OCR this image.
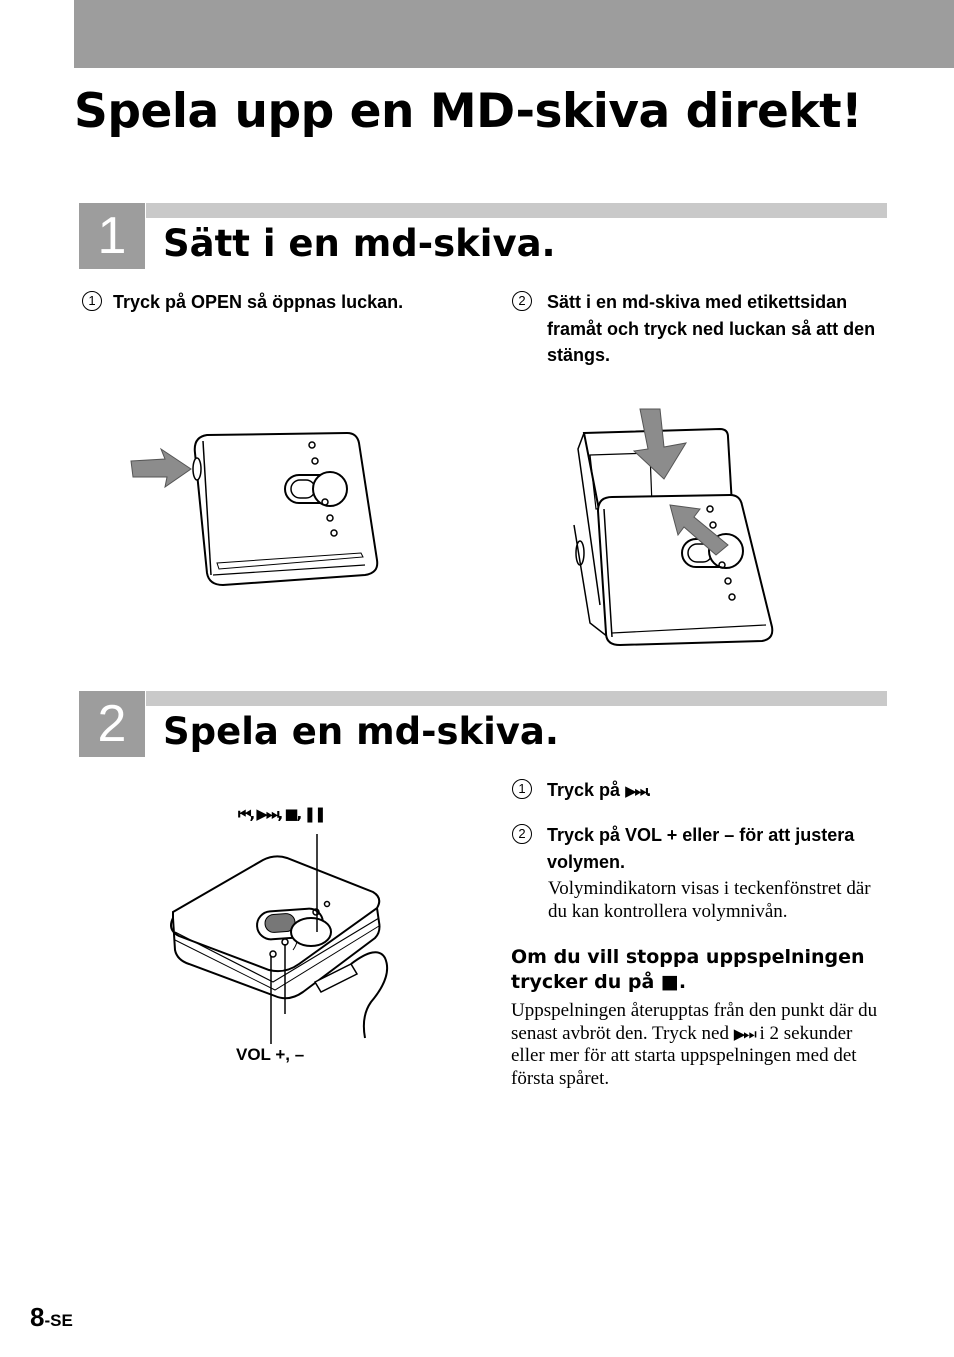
Spela upp en MD-skiva direkt!
1 Sätt i en md-skiva.
1 Tryck på OPEN så öppnas luckan.	2	Sätt i en md-skiva med etikettsidan framåt och tryck ned luckan så att den stängs.
2 Spela en md-skiva.
⏮, ▶⏭, ■, ❚❚
VOL +, –
1	Tryck på ▶⏭.
2	Tryck på VOL + eller – för att justera volymen.
Volymindikatorn visas i teckenfönstret där du kan kontrollera volymnivån.
Om du vill stoppa uppspelningen trycker du på ■.
Uppspelningen återupptas från den punkt där du senast avbröt den. Tryck ned ▶⏭ i 2 sekunder eller mer för att starta uppspelningen med det första spåret.
8-SE
